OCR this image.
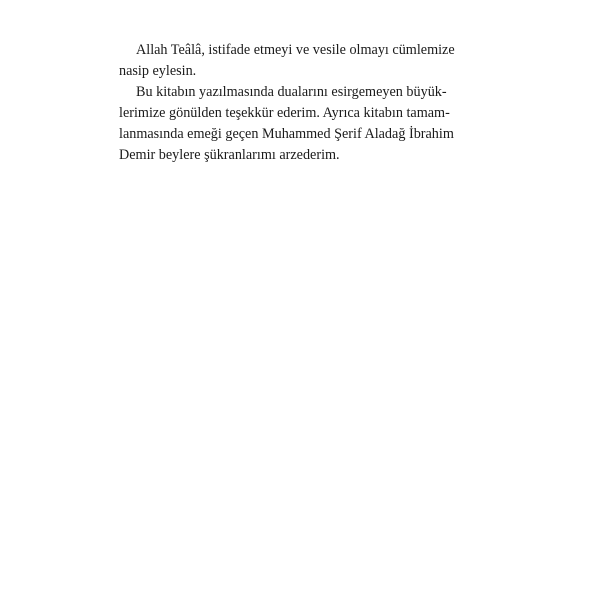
Allah Teâlâ, istifade etmeyi ve vesile olmayı cümlemize
nasip eylesin.

Bu kitabın yazılmasında dualarını esirgemeyen büyük-
lerimize gönülden teşekkür ederim. Ayrıca kitabın tamam-
lanmasında emeği geçen Muhammed Şerif Aladağ İbrahim
Demir beylere şükranlarımı arzederim.
